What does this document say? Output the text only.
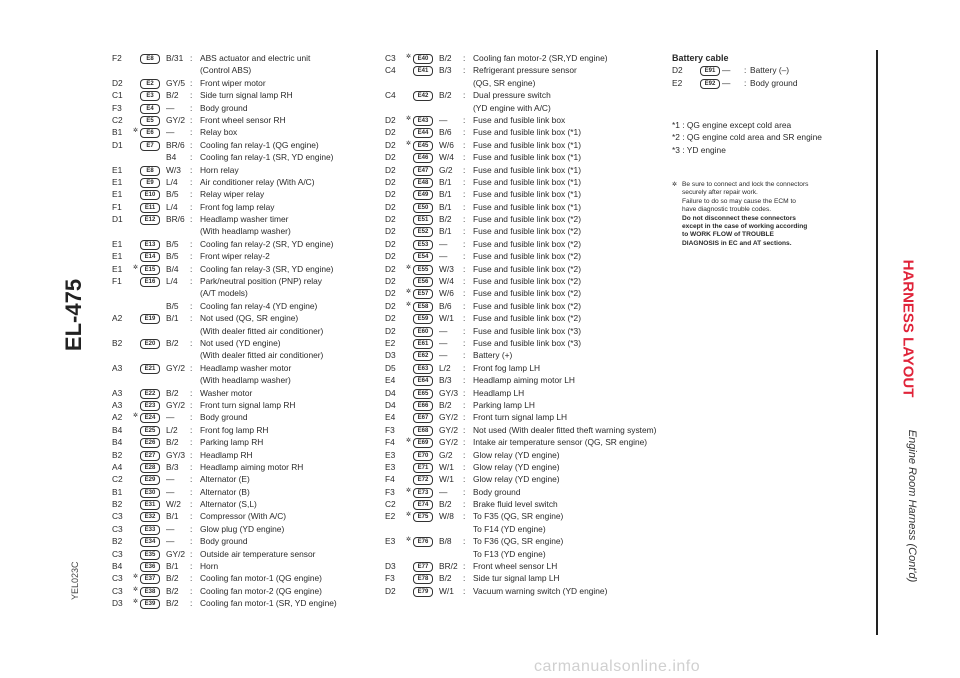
EL-475
YEL023C
F2	E8	B/31 : ABS actuator and electric unit
(Control ABS)
D2	E2	GY/5 : Front wiper motor
C1	E3	B/2 : Side turn signal lamp RH
F3	E4	— : Body ground
C2	E5	GY/2 : Front wheel sensor RH
B1	✲	E6	— : Relay box
D1	E7	BR/6 : Cooling fan relay-1 (QG engine)
B4 : Cooling fan relay-1 (SR, YD engine)
E1	E8	W/3 : Horn relay
E1	E9	L/4 : Air conditioner relay (With A/C)
E1	E10	B/5 : Relay wiper relay
F1	E11	L/4 : Front fog lamp relay
D1	E12	BR/6 : Headlamp washer timer
(With headlamp washer)
E1	E13	B/5 : Cooling fan relay-2 (SR, YD engine)
E1	E14	B/5 : Front wiper relay-2
E1	✲	E15	B/4 : Cooling fan relay-3 (SR, YD engine)
F1	E16	L/4 : Park/neutral position (PNP) relay
(A/T models)
B/5 : Cooling fan relay-4 (YD engine)
A2	E19	B/1 : Not used (QG, SR engine)
(With dealer fitted air conditioner)
B2	E20	B/2 : Not used (YD engine)
(With dealer fitted air conditioner)
A3	E21	GY/2 : Headlamp washer motor
(With headlamp washer)
A3	E22	B/2 : Washer motor
A3	E23	GY/2 : Front turn signal lamp RH
A2	✲	E24	— : Body ground
B4	E25	L/2 : Front fog lamp RH
B4	E26	B/2 : Parking lamp RH
B2	E27	GY/3 : Headlamp RH
A4	E28	B/3 : Headlamp aiming motor RH
C2	E29	— : Alternator (E)
B1	E30	— : Alternator (B)
B2	E31	W/2 : Alternator (S,L)
C3	E32	B/1 : Compressor (With A/C)
C3	E33	— : Glow plug (YD engine)
B2	E34	— : Body ground
C3	E35	GY/2 : Outside air temperature sensor
B4	E36	B/1 : Horn
C3	✲	E37	B/2 : Cooling fan motor-1 (QG engine)
C3	✲	E38	B/2 : Cooling fan motor-2 (QG engine)
D3	✲	E39	B/2 : Cooling fan motor-1 (SR, YD engine)
C3	✲	E40	B/2 : Cooling fan motor-2 (SR,YD engine)
C4	E41	B/3 : Refrigerant pressure sensor
(QG, SR engine)
C4	E42	B/2 : Dual pressure switch
(YD engine with A/C)
D2	✲	E43	— : Fuse and fusible link box
D2	E44	B/6 : Fuse and fusible link box (*1)
D2	✲	E45	W/6 : Fuse and fusible link box (*1)
D2	E46	W/4 : Fuse and fusible link box (*1)
D2	E47	G/2 : Fuse and fusible link box (*1)
D2	E48	B/1 : Fuse and fusible link box (*1)
D2	E49	B/1 : Fuse and fusible link box (*1)
D2	E50	B/1 : Fuse and fusible link box (*1)
D2	E51	B/2 : Fuse and fusible link box (*2)
D2	E52	B/1 : Fuse and fusible link box (*2)
D2	E53	— : Fuse and fusible link box (*2)
D2	E54	— : Fuse and fusible link box (*2)
D2	✲	E55	W/3 : Fuse and fusible link box (*2)
D2	E56	W/4 : Fuse and fusible link box (*2)
D2	✲	E57	W/6 : Fuse and fusible link box (*2)
D2	✲	E58	B/6 : Fuse and fusible link box (*2)
D2	E59	W/1 : Fuse and fusible link box (*2)
D2	E60	— : Fuse and fusible link box (*3)
E2	E61	— : Fuse and fusible link box (*3)
D3	E62	— : Battery (+)
D5	E63	L/2 : Front fog lamp LH
E4	E64	B/3 : Headlamp aiming motor LH
D4	E65	GY/3 : Headlamp LH
D4	E66	B/2 : Parking lamp LH
E4	E67	GY/2 : Front turn signal lamp LH
F3	E68	GY/2 : Not used (With dealer fitted theft warning system)
F4	✲	E69	GY/2 : Intake air temperature sensor (QG, SR engine)
E3	E70	G/2 : Glow relay (YD engine)
E3	E71	W/1 : Glow relay (YD engine)
F4	E72	W/1 : Glow relay (YD engine)
F3	✲	E73	— : Body ground
C2	E74	B/2 : Brake fluid level switch
E2	✲	E75	W/8 : To F35 (QG, SR engine)
To F14 (YD engine)
E3	✲	E76	B/8 : To F36 (QG, SR engine)
To F13 (YD engine)
D3	E77	BR/2 : Front wheel sensor LH
F3	E78	B/2 : Side tur signal lamp LH
D2	E79	W/1 : Vacuum warning switch (YD engine)
Battery cable
D2	E91 — : Battery (–)
E2	E92 — : Body ground
*1 : QG engine except cold area
*2 : QG engine cold area and SR engine
*3 : YD engine
✲ Be sure to connect and lock the connectors
securely after repair work.
Failure to do so may cause the ECM to
have diagnostic trouble codes.
Do not disconnect these connectors
except in the case of working according
to WORK FLOW of TROUBLE
DIAGNOSIS in EC and AT sections.
HARNESS LAYOUT
Engine Room Harness (Cont'd)
carmanualsonline.info
